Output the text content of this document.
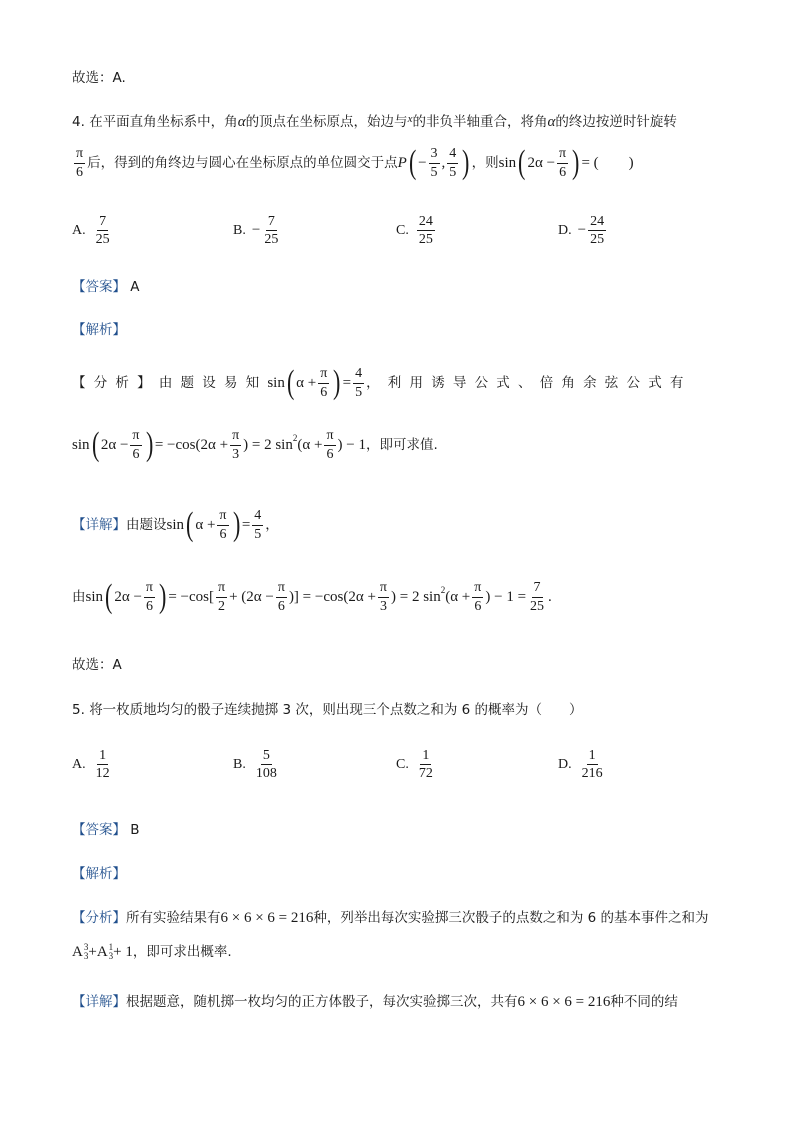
故选：A.
4. 在平面直角坐标系中，角α的顶点在坐标原点，始边与$^x$的非负半轴重合，将角α的终边按逆时针旋转
$\frac{\pi}{6}$ 后，得到的角终边与圆心在坐标原点的单位圆交于点$P( - \frac{3}{5}$ , $\frac{4}{5}$ ) ，则sin( $2\alpha - \frac{\pi}{6}$ ) = (　　)
A. $\frac{7}{25}$	B. − $\frac{7}{25}$	C. $\frac{24}{25}$	D. − $\frac{24}{25}$
【答案】 A
【解析】
【分析】由题设易知sin( $\alpha + \frac{\pi}{6}$ ) = $\frac{4}{5}$ ，利用诱导公式、倍角余弦公式有
sin( $2\alpha - \frac{\pi}{6}$ ) = $-\cos(2\alpha + \frac{\pi}{3}$ ) = 2 $\sin^2(\alpha + \frac{\pi}{6}$ ) − 1，即可求值.
【详解】由题设sin( $\alpha + \frac{\pi}{6}$ ) = $\frac{4}{5}$ ，
由sin( $2\alpha - \frac{\pi}{6}$ ) = $-\cos[ \frac{\pi}{2} + (2\alpha - \frac{\pi}{6}$ )] = $-\cos(2\alpha + \frac{\pi}{3}$ ) = 2 $\sin^2(\alpha + \frac{\pi}{6}$ ) − $1 = \frac{7}{25}$ .
故选：A
5. 将一枚质地均匀的骰子连续抛掷 3 次，则出现三个点数之和为 6 的概率为（　　）
A. $\frac{1}{12}$	B. $\frac{5}{108}$	C. $\frac{1}{72}$	D. $\frac{1}{216}$
【答案】 B
【解析】
【分析】所有实验结果有6 × 6 × 6 = 216种，列举出每次实验掷三次骰子的点数之和为 6 的基本事件之和为
A 3
3 +A 1
3 + 1，即可求出概率.
【详解】根据题意，随机掷一枚均匀的正方体骰子，每次实验掷三次，共有6 × 6 × 6 = 216种不同的结
